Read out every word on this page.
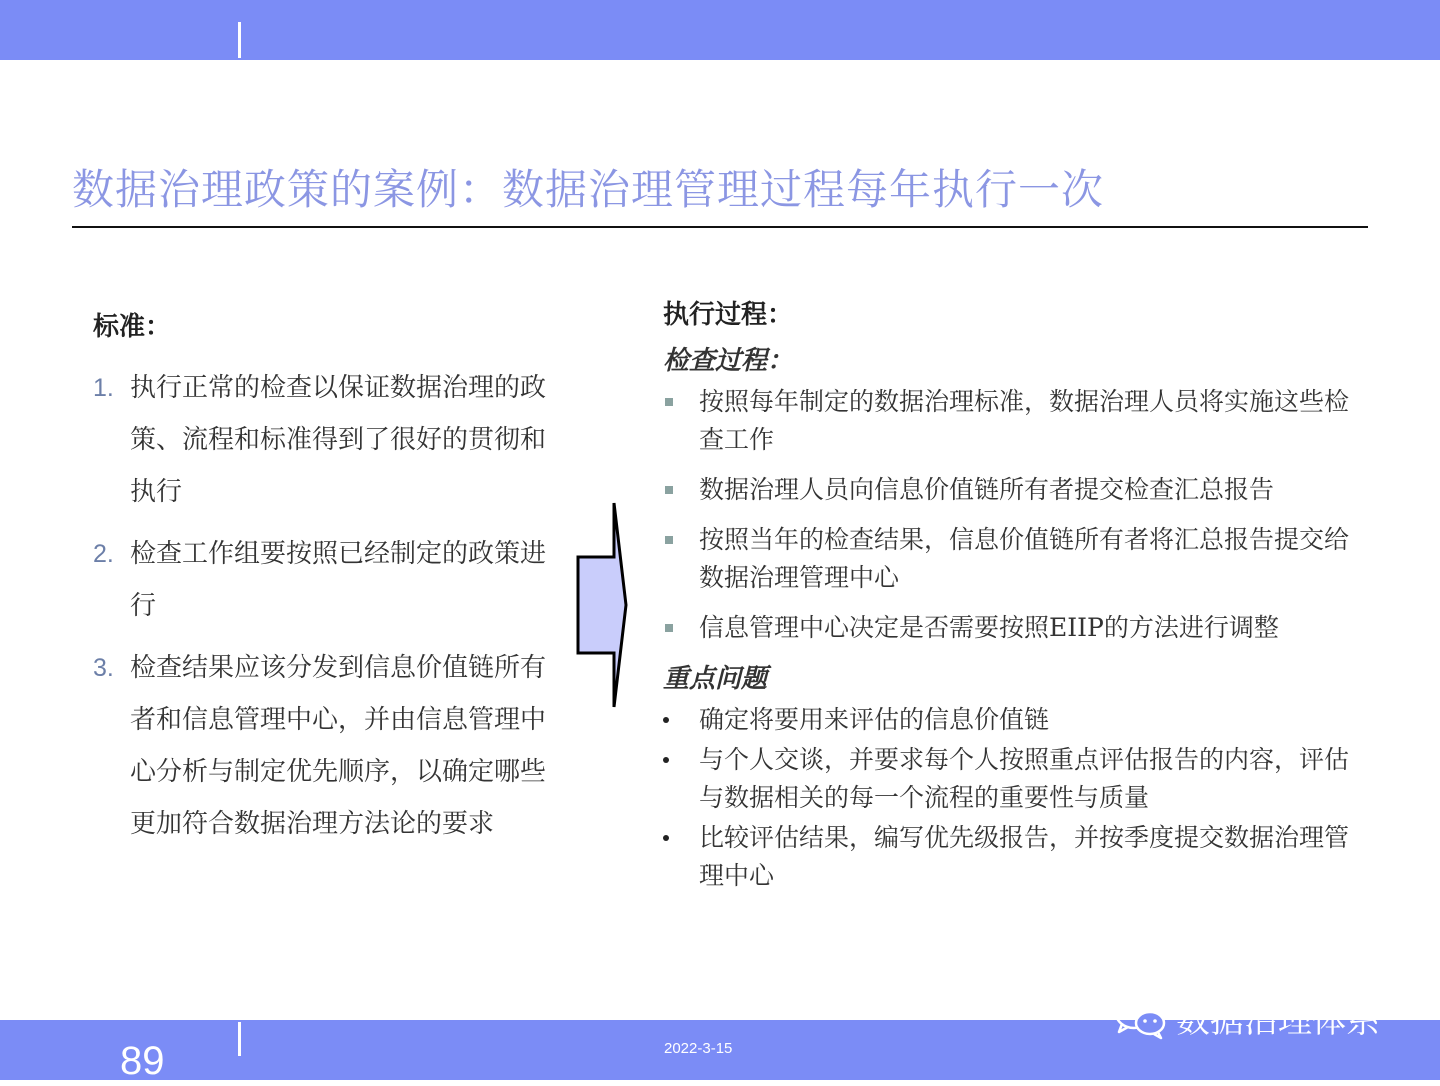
数据治理政策的案例：数据治理管理过程每年执行一次
标准：
1. 执行正常的检查以保证数据治理的政策、流程和标准得到了很好的贯彻和执行
2. 检查工作组要按照已经制定的政策进行
3. 检查结果应该分发到信息价值链所有者和信息管理中心，并由信息管理中心分析与制定优先顺序，以确定哪些更加符合数据治理方法论的要求
执行过程：
检查过程：
按照每年制定的数据治理标准，数据治理人员将实施这些检查工作
数据治理人员向信息价值链所有者提交检查汇总报告
按照当年的检查结果，信息价值链所有者将汇总报告提交给数据治理管理中心
信息管理中心决定是否需要按照EIIP的方法进行调整
重点问题
确定将要用来评估的信息价值链
与个人交谈，并要求每个人按照重点评估报告的内容，评估与数据相关的每一个流程的重要性与质量
比较评估结果，编写优先级报告，并按季度提交数据治理管理中心
89	2022-3-15
数据治理体系
